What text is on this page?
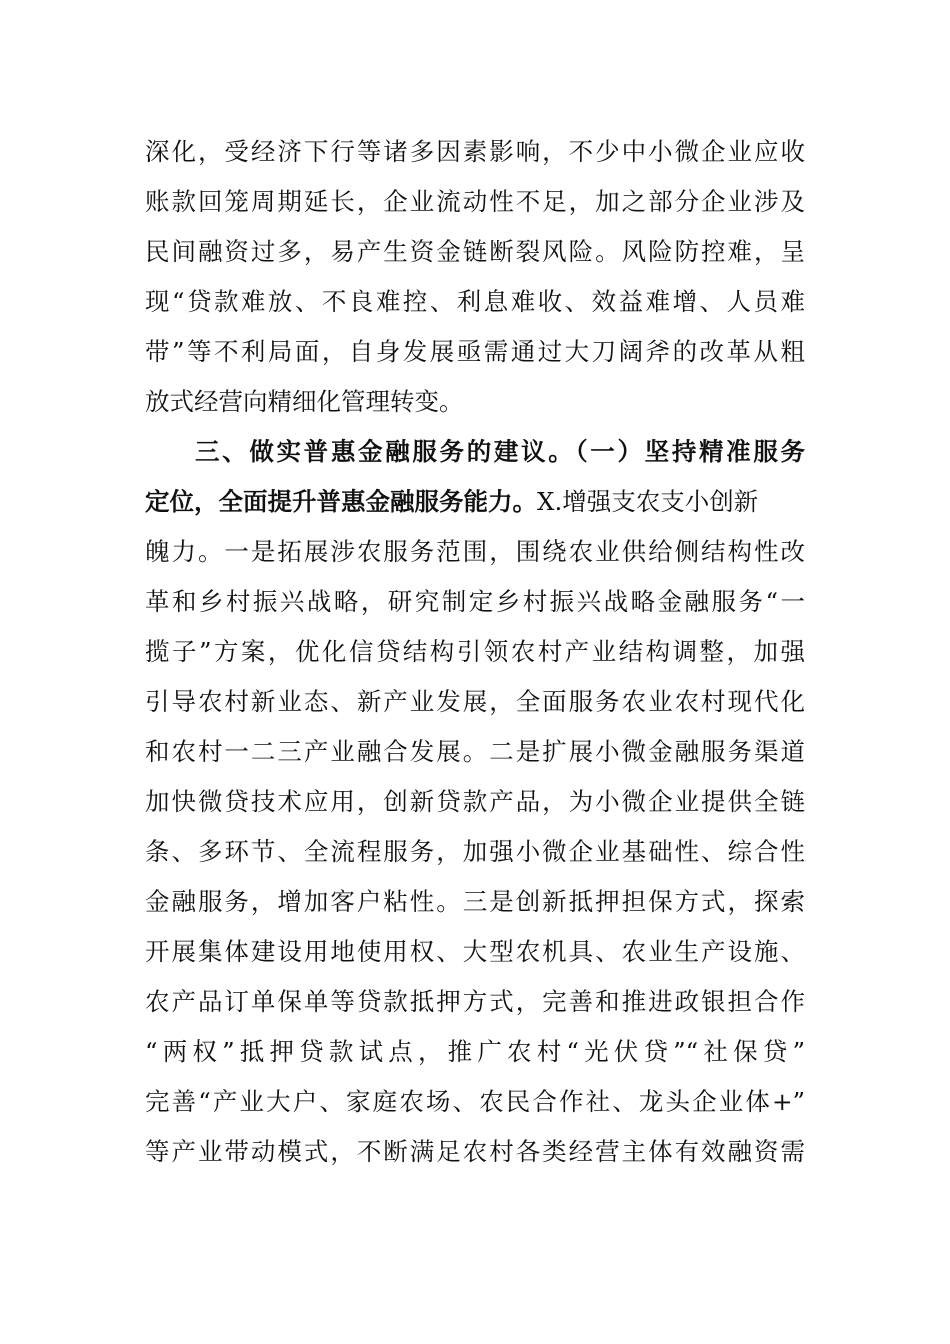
深化，受经济下行等诸多因素影响，不少中小微企业应收
账款回笼周期延长，企业流动性不足，加之部分企业涉及
民间融资过多，易产生资金链断裂风险。风险防控难，呈
现“贷款难放、不良难控、利息难收、效益难增、人员难
带”等不利局面，自身发展亟需通过大刀阔斧的改革从粗
放式经营向精细化管理转变。
三、做实普惠金融服务的建议。（一）坚持精准服务
定位，全面提升普惠金融服务能力。X.增强支农支小创新
魄力。一是拓展涉农服务范围，围绕农业供给侧结构性改
革和乡村振兴战略，研究制定乡村振兴战略金融服务“一
揽子”方案，优化信贷结构引领农村产业结构调整，加强
引导农村新业态、新产业发展，全面服务农业农村现代化
和农村一二三产业融合发展。二是扩展小微金融服务渠道
加快微贷技术应用，创新贷款产品，为小微企业提供全链
条、多环节、全流程服务，加强小微企业基础性、综合性
金融服务，增加客户粘性。三是创新抵押担保方式，探索
开展集体建设用地使用权、大型农机具、农业生产设施、
农产品订单保单等贷款抵押方式，完善和推进政银担合作
“两权”抵押贷款试点，推广农村“光伏贷”“社保贷”
完善“产业大户、家庭农场、农民合作社、龙头企业体+”
等产业带动模式，不断满足农村各类经营主体有效融资需
